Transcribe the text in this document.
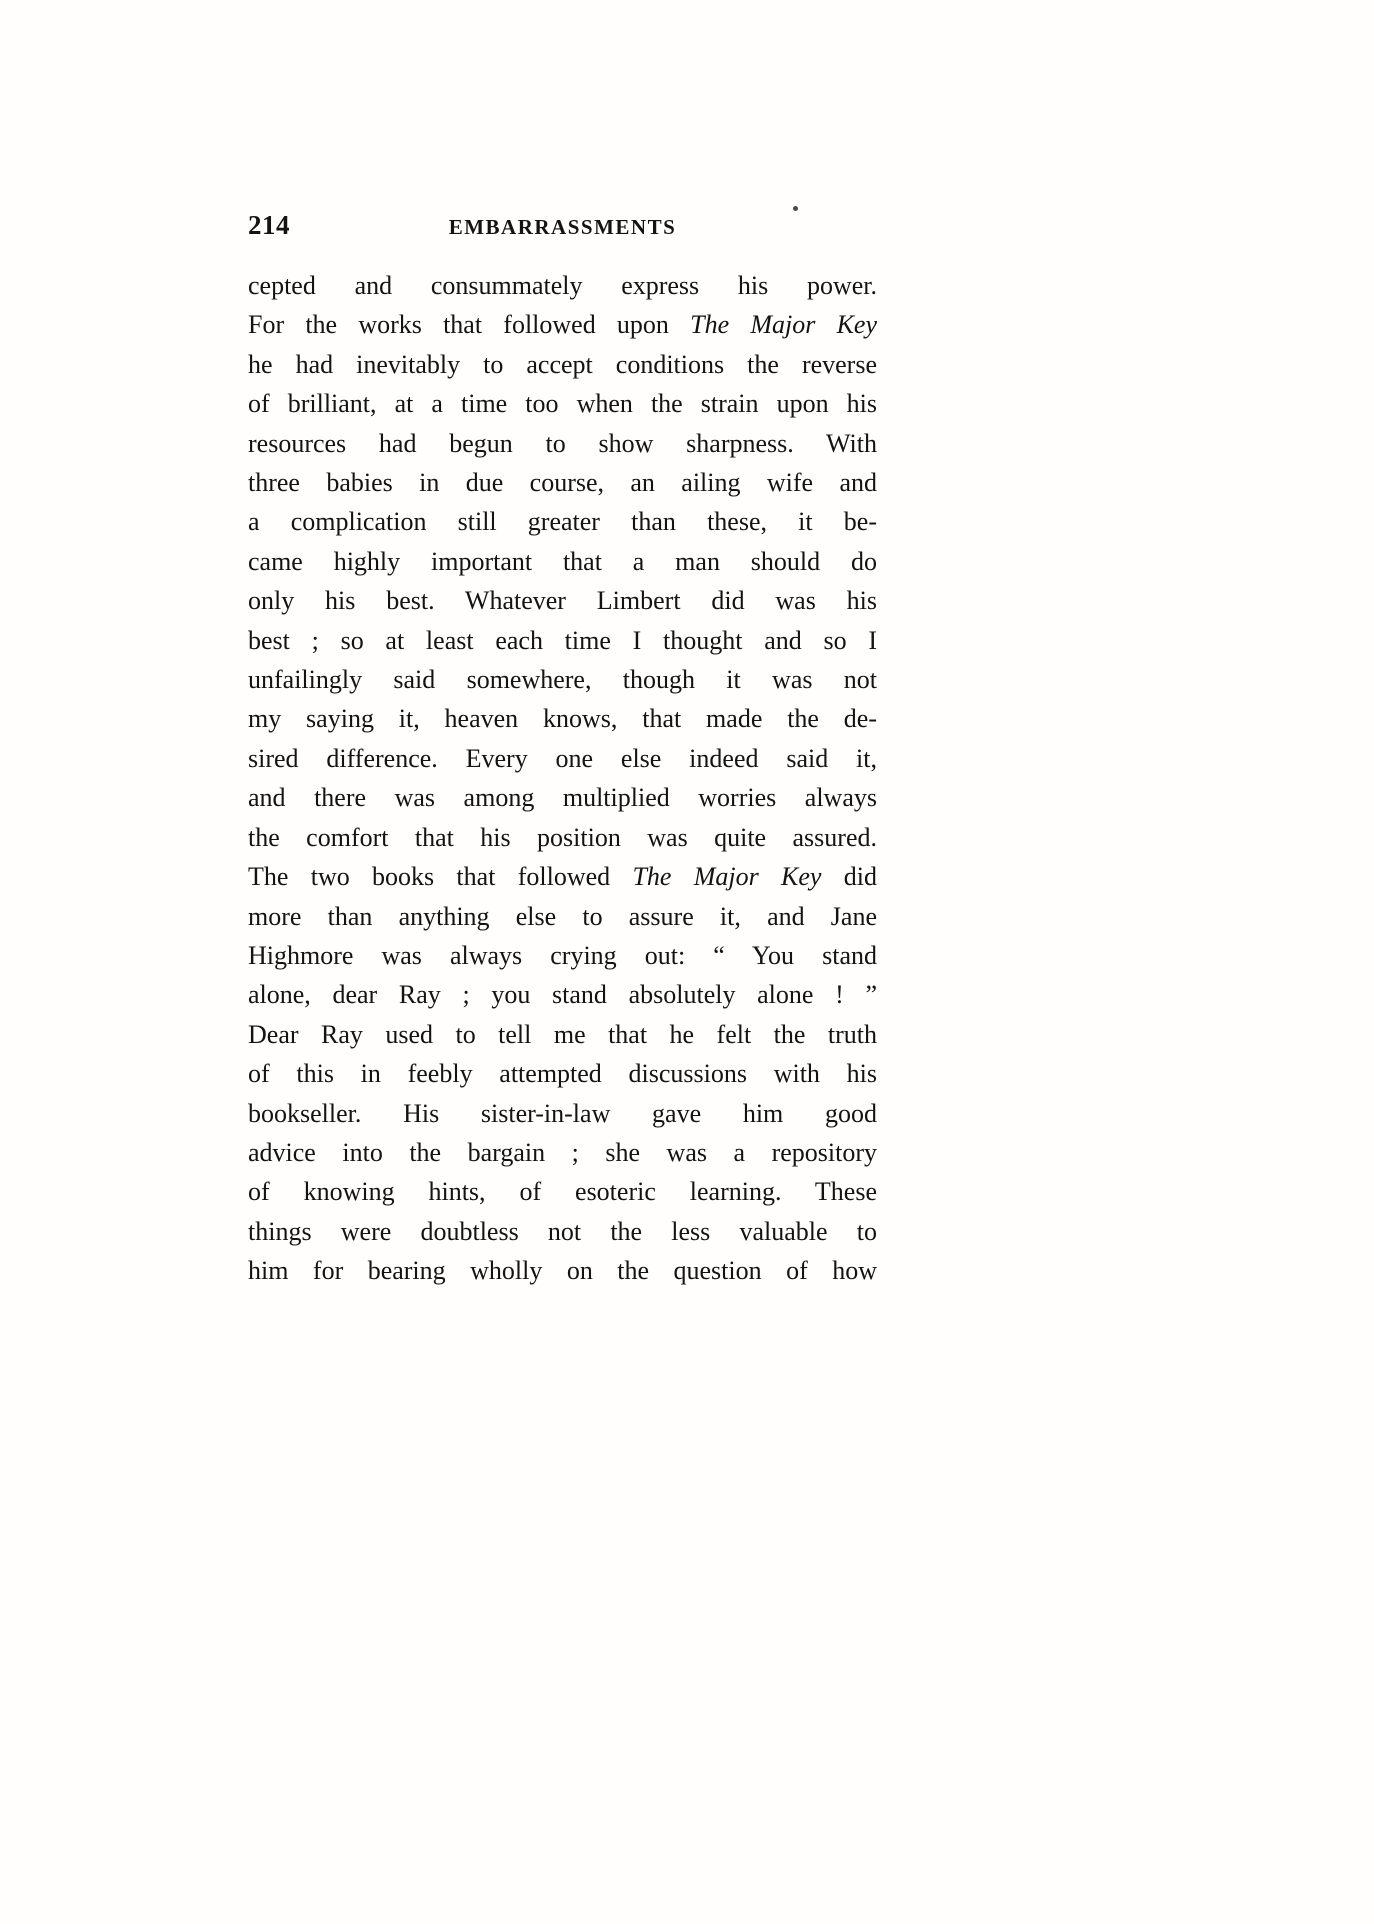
214	EMBARRASSMENTS
cepted and consummately express his power.
For the works that followed upon The Major Key
he had inevitably to accept conditions the reverse
of brilliant, at a time too when the strain upon his
resources had begun to show sharpness. With
three babies in due course, an ailing wife and
a complication still greater than these, it be-
came highly important that a man should do
only his best. Whatever Limbert did was his
best ; so at least each time I thought and so I
unfailingly said somewhere, though it was not
my saying it, heaven knows, that made the de-
sired difference. Every one else indeed said it,
and there was among multiplied worries always
the comfort that his position was quite assured.
The two books that followed The Major Key did
more than anything else to assure it, and Jane
Highmore was always crying out: “ You stand
alone, dear Ray ; you stand absolutely alone ! ”
Dear Ray used to tell me that he felt the truth
of this in feebly attempted discussions with his
bookseller. His sister-in-law gave him good
advice into the bargain ; she was a repository
of knowing hints, of esoteric learning. These
things were doubtless not the less valuable to
him for bearing wholly on the question of how
